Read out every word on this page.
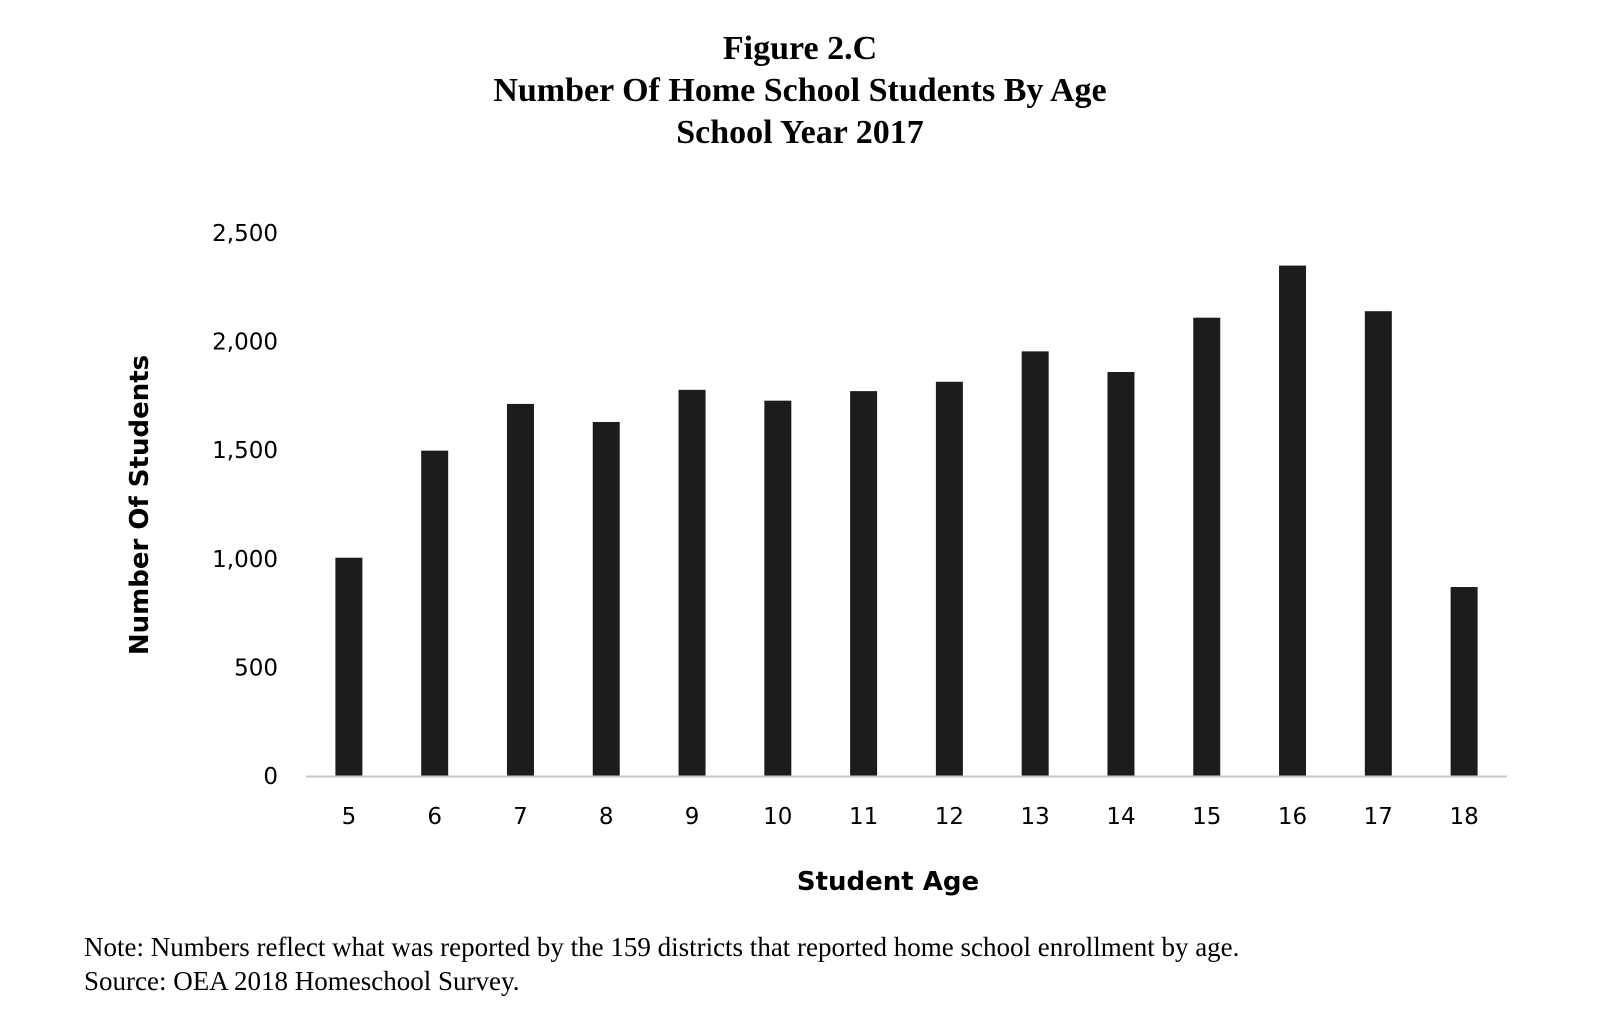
Figure 2.C
Number Of Home School Students By Age
School Year 2017
0
500
1,000
1,500
2,000
2,500
5	6	7	8	9	10 11 12 13 14 15 16 17 18
Student Age
Number Of Students
Note: Numbers reflect what was reported by the 159 districts that reported home school enrollment by age.
Source: OEA 2018 Homeschool Survey.
